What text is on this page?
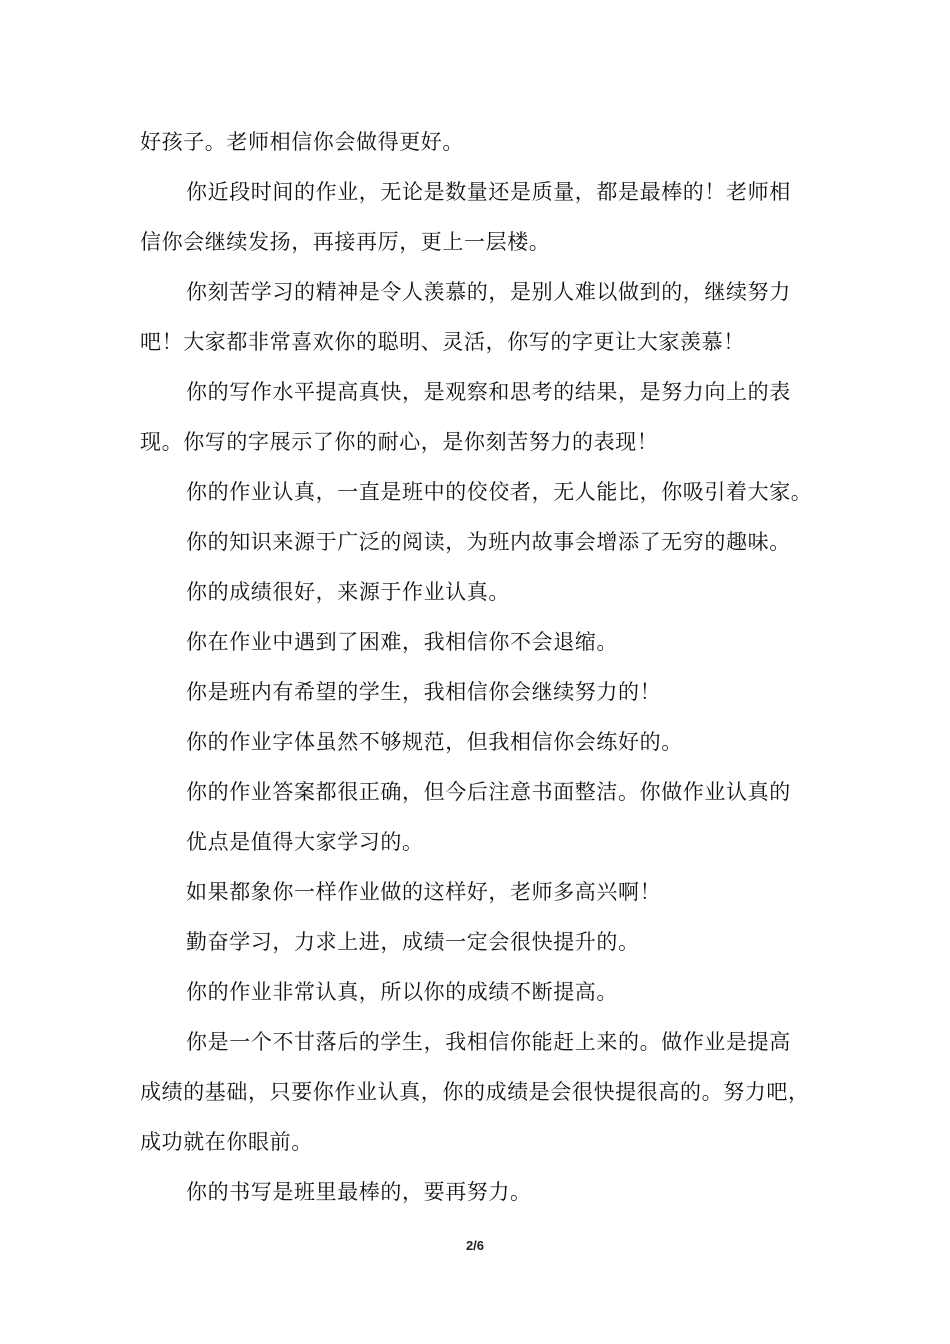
好孩子。老师相信你会做得更好。
你近段时间的作业，无论是数量还是质量，都是最棒的！老师相
信你会继续发扬，再接再厉，更上一层楼。
你刻苦学习的精神是令人羡慕的，是别人难以做到的，继续努力
吧！大家都非常喜欢你的聪明、灵活，你写的字更让大家羡慕！
你的写作水平提高真快，是观察和思考的结果，是努力向上的表
现。你写的字展示了你的耐心，是你刻苦努力的表现！
你的作业认真，一直是班中的佼佼者，无人能比，你吸引着大家。
你的知识来源于广泛的阅读，为班内故事会增添了无穷的趣味。
你的成绩很好，来源于作业认真。
你在作业中遇到了困难，我相信你不会退缩。
你是班内有希望的学生，我相信你会继续努力的！
你的作业字体虽然不够规范，但我相信你会练好的。
你的作业答案都很正确，但今后注意书面整洁。你做作业认真的
优点是值得大家学习的。
如果都象你一样作业做的这样好，老师多高兴啊！
勤奋学习，力求上进，成绩一定会很快提升的。
你的作业非常认真，所以你的成绩不断提高。
你是一个不甘落后的学生，我相信你能赶上来的。做作业是提高
成绩的基础，只要你作业认真，你的成绩是会很快提很高的。努力吧，
成功就在你眼前。
你的书写是班里最棒的，要再努力。
2/6
